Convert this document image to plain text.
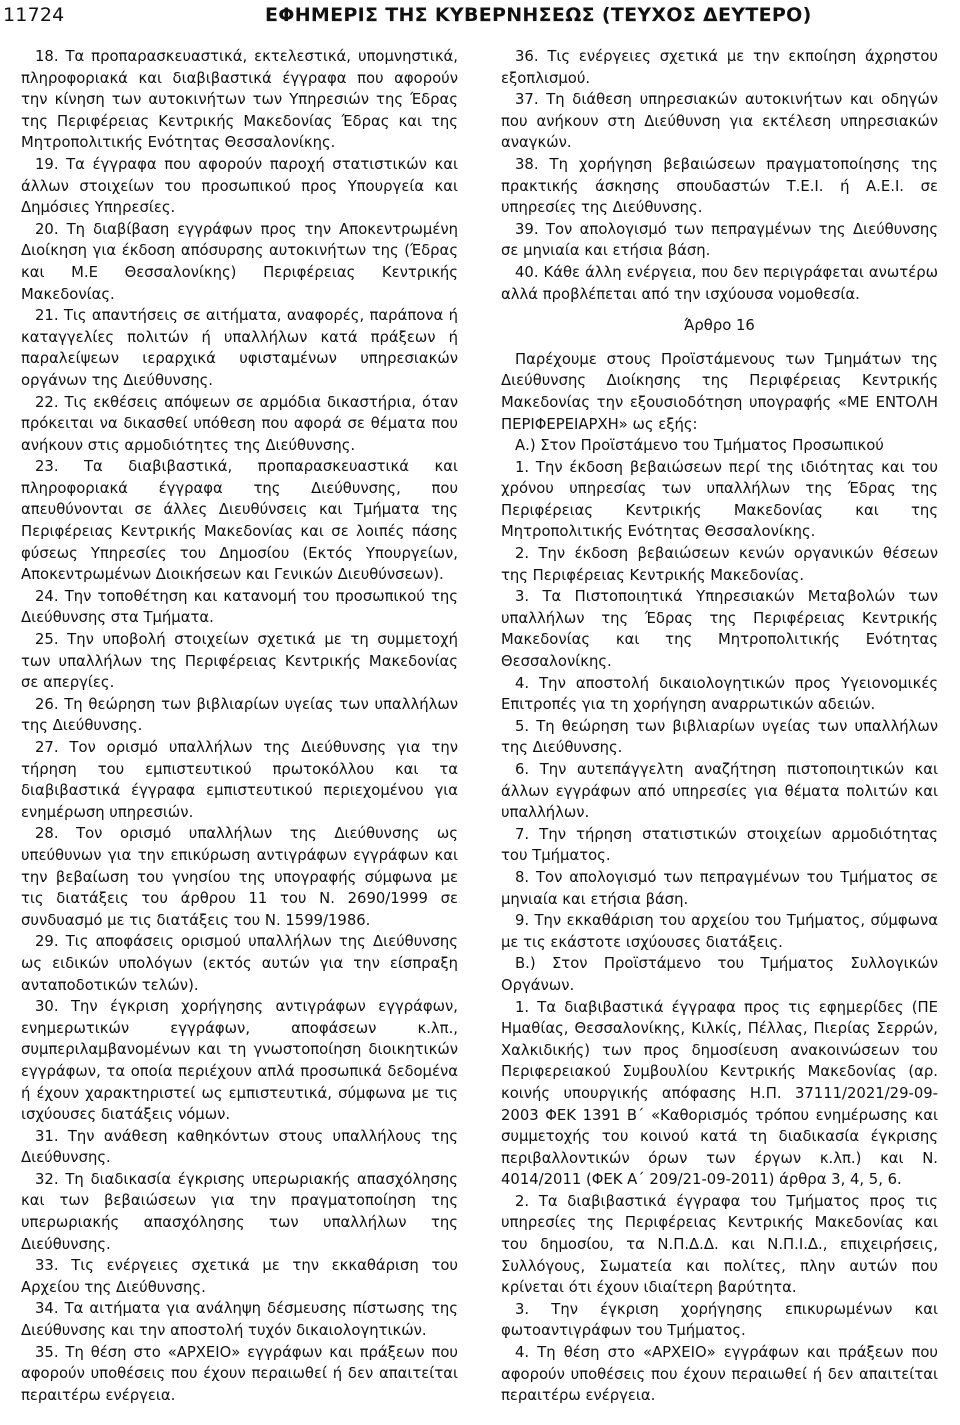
11724	ΕΦΗΜΕΡΙΣ ΤΗΣ ΚΥΒΕΡΝΗΣΕΩΣ (ΤΕΥΧΟΣ ΔΕΥΤΕΡΟ)

18. Τα προπαρασκευαστικά, εκτελεστικά, υπομνηστικά, πληροφοριακά και διαβιβαστικά έγγραφα που αφορούν την κίνηση των αυτοκινήτων των Υπηρεσιών της Έδρας της Περιφέρειας Κεντρικής Μακεδονίας Έδρας και της Μητροπολιτικής Ενότητας Θεσσαλονίκης.

19. Τα έγγραφα που αφορούν παροχή στατιστικών και άλλων στοιχείων του προσωπικού προς Υπουργεία και Δημόσιες Υπηρεσίες.

20. Τη διαβίβαση εγγράφων προς την Αποκεντρωμένη Διοίκηση για έκδοση απόσυρσης αυτοκινήτων της (Έδρας και Μ.Ε Θεσσαλονίκης) Περιφέρειας Κεντρικής Μακεδονίας.

21. Τις απαντήσεις σε αιτήματα, αναφορές, παράπονα ή καταγγελίες πολιτών ή υπαλλήλων κατά πράξεων ή παραλείψεων ιεραρχικά υφισταμένων υπηρεσιακών οργάνων της Διεύθυνσης.

22. Τις εκθέσεις απόψεων σε αρμόδια δικαστήρια, όταν πρόκειται να δικασθεί υπόθεση που αφορά σε θέματα που ανήκουν στις αρμοδιότητες της Διεύθυνσης.

23. Τα διαβιβαστικά, προπαρασκευαστικά και πληροφοριακά έγγραφα της Διεύθυνσης, που απευθύνονται σε άλλες Διευθύνσεις και Τμήματα της Περιφέρειας Κεντρικής Μακεδονίας και σε λοιπές πάσης φύσεως Υπηρεσίες του Δημοσίου (Εκτός Υπουργείων, Αποκεντρωμένων Διοικήσεων και Γενικών Διευθύνσεων).

24. Την τοποθέτηση και κατανομή του προσωπικού της Διεύθυνσης στα Τμήματα.

25. Την υποβολή στοιχείων σχετικά με τη συμμετοχή των υπαλλήλων της Περιφέρειας Κεντρικής Μακεδονίας σε απεργίες.

26. Τη θεώρηση των βιβλιαρίων υγείας των υπαλλήλων της Διεύθυνσης.

27. Τον ορισμό υπαλλήλων της Διεύθυνσης για την τήρηση του εμπιστευτικού πρωτοκόλλου και τα διαβιβαστικά έγγραφα εμπιστευτικού περιεχομένου για ενημέρωση υπηρεσιών.

28. Τον ορισμό υπαλλήλων της Διεύθυνσης ως υπεύθυνων για την επικύρωση αντιγράφων εγγράφων και την βεβαίωση του γνησίου της υπογραφής σύμφωνα με τις διατάξεις του άρθρου 11 του Ν. 2690/1999 σε συνδυασμό με τις διατάξεις του Ν. 1599/1986.

29. Τις αποφάσεις ορισμού υπαλλήλων της Διεύθυνσης ως ειδικών υπολόγων (εκτός αυτών για την είσπραξη ανταποδοτικών τελών).

30. Την έγκριση χορήγησης αντιγράφων εγγράφων, ενημερωτικών εγγράφων, αποφάσεων κ.λπ., συμπεριλαμβανομένων και τη γνωστοποίηση διοικητικών εγγράφων, τα οποία περιέχουν απλά προσωπικά δεδομένα ή έχουν χαρακτηριστεί ως εμπιστευτικά, σύμφωνα με τις ισχύουσες διατάξεις νόμων.

31. Την ανάθεση καθηκόντων στους υπαλλήλους της Διεύθυνσης.

32. Τη διαδικασία έγκρισης υπερωριακής απασχόλησης και των βεβαιώσεων για την πραγματοποίηση της υπερωριακής απασχόλησης των υπαλλήλων της Διεύθυνσης.

33. Τις ενέργειες σχετικά με την εκκαθάριση του Αρχείου της Διεύθυνσης.

34. Τα αιτήματα για ανάληψη δέσμευσης πίστωσης της Διεύθυνσης και την αποστολή τυχόν δικαιολογητικών.

35. Τη θέση στο «ΑΡΧΕΙΟ» εγγράφων και πράξεων που αφορούν υποθέσεις που έχουν περαιωθεί ή δεν απαιτείται περαιτέρω ενέργεια.

36. Τις ενέργειες σχετικά με την εκποίηση άχρηστου εξοπλισμού.

37. Τη διάθεση υπηρεσιακών αυτοκινήτων και οδηγών που ανήκουν στη Διεύθυνση για εκτέλεση υπηρεσιακών αναγκών.

38. Τη χορήγηση βεβαιώσεων πραγματοποίησης της πρακτικής άσκησης σπουδαστών Τ.Ε.Ι. ή Α.Ε.Ι. σε υπηρεσίες της Διεύθυνσης.

39. Τον απολογισμό των πεπραγμένων της Διεύθυνσης σε μηνιαία και ετήσια βάση.

40. Κάθε άλλη ενέργεια, που δεν περιγράφεται ανωτέρω αλλά προβλέπεται από την ισχύουσα νομοθεσία.

Άρθρο 16

Παρέχουμε στους Προϊστάμενους των Τμημάτων της Διεύθυνσης Διοίκησης της Περιφέρειας Κεντρικής Μακεδονίας την εξουσιοδότηση υπογραφής «ΜΕ ΕΝΤΟΛΗ ΠΕΡΙΦΕΡΕΙΑΡΧΗ» ως εξής:

Α.) Στον Προϊστάμενο του Τμήματος Προσωπικού

1. Την έκδοση βεβαιώσεων περί της ιδιότητας και του χρόνου υπηρεσίας των υπαλλήλων της Έδρας της Περιφέρειας Κεντρικής Μακεδονίας και της Μητροπολιτικής Ενότητας Θεσσαλονίκης.

2. Την έκδοση βεβαιώσεων κενών οργανικών θέσεων της Περιφέρειας Κεντρικής Μακεδονίας.

3. Τα Πιστοποιητικά Υπηρεσιακών Μεταβολών των υπαλλήλων της Έδρας της Περιφέρειας Κεντρικής Μακεδονίας και της Μητροπολιτικής Ενότητας Θεσσαλονίκης.

4. Την αποστολή δικαιολογητικών προς Υγειονομικές Επιτροπές για τη χορήγηση αναρρωτικών αδειών.

5. Τη θεώρηση των βιβλιαρίων υγείας των υπαλλήλων της Διεύθυνσης.

6. Την αυτεπάγγελτη αναζήτηση πιστοποιητικών και άλλων εγγράφων από υπηρεσίες για θέματα πολιτών και υπαλλήλων.

7. Την τήρηση στατιστικών στοιχείων αρμοδιότητας του Τμήματος.

8. Τον απολογισμό των πεπραγμένων του Τμήματος σε μηνιαία και ετήσια βάση.

9. Την εκκαθάριση του αρχείου του Τμήματος, σύμφωνα με τις εκάστοτε ισχύουσες διατάξεις.

Β.) Στον Προϊστάμενο του Τμήματος Συλλογικών Οργάνων.

1. Τα διαβιβαστικά έγγραφα προς τις εφημερίδες (ΠΕ Ημαθίας, Θεσσαλονίκης, Κιλκίς, Πέλλας, Πιερίας Σερρών, Χαλκιδικής) των προς δημοσίευση ανακοινώσεων του Περιφερειακού Συμβουλίου Κεντρικής Μακεδονίας (αρ. κοινής υπουργικής απόφασης Η.Π. 37111/2021/29-09-2003 ΦΕΚ 1391 Β΄ «Καθορισμός τρόπου ενημέρωσης και συμμετοχής του κοινού κατά τη διαδικασία έγκρισης περιβαλλοντικών όρων των έργων κ.λπ.) και Ν. 4014/2011 (ΦΕΚ Α΄ 209/21-09-2011) άρθρα 3, 4, 5, 6.

2. Τα διαβιβαστικά έγγραφα του Τμήματος προς τις υπηρεσίες της Περιφέρειας Κεντρικής Μακεδονίας και του δημοσίου, τα Ν.Π.Δ.Δ. και Ν.Π.Ι.Δ., επιχειρήσεις, Συλλόγους, Σωματεία και πολίτες, πλην αυτών που κρίνεται ότι έχουν ιδιαίτερη βαρύτητα.

3. Την έγκριση χορήγησης επικυρωμένων και φωτοαντιγράφων του Τμήματος.

4. Τη θέση στο «ΑΡΧΕΙΟ» εγγράφων και πράξεων που αφορούν υποθέσεις που έχουν περαιωθεί ή δεν απαιτείται περαιτέρω ενέργεια.
